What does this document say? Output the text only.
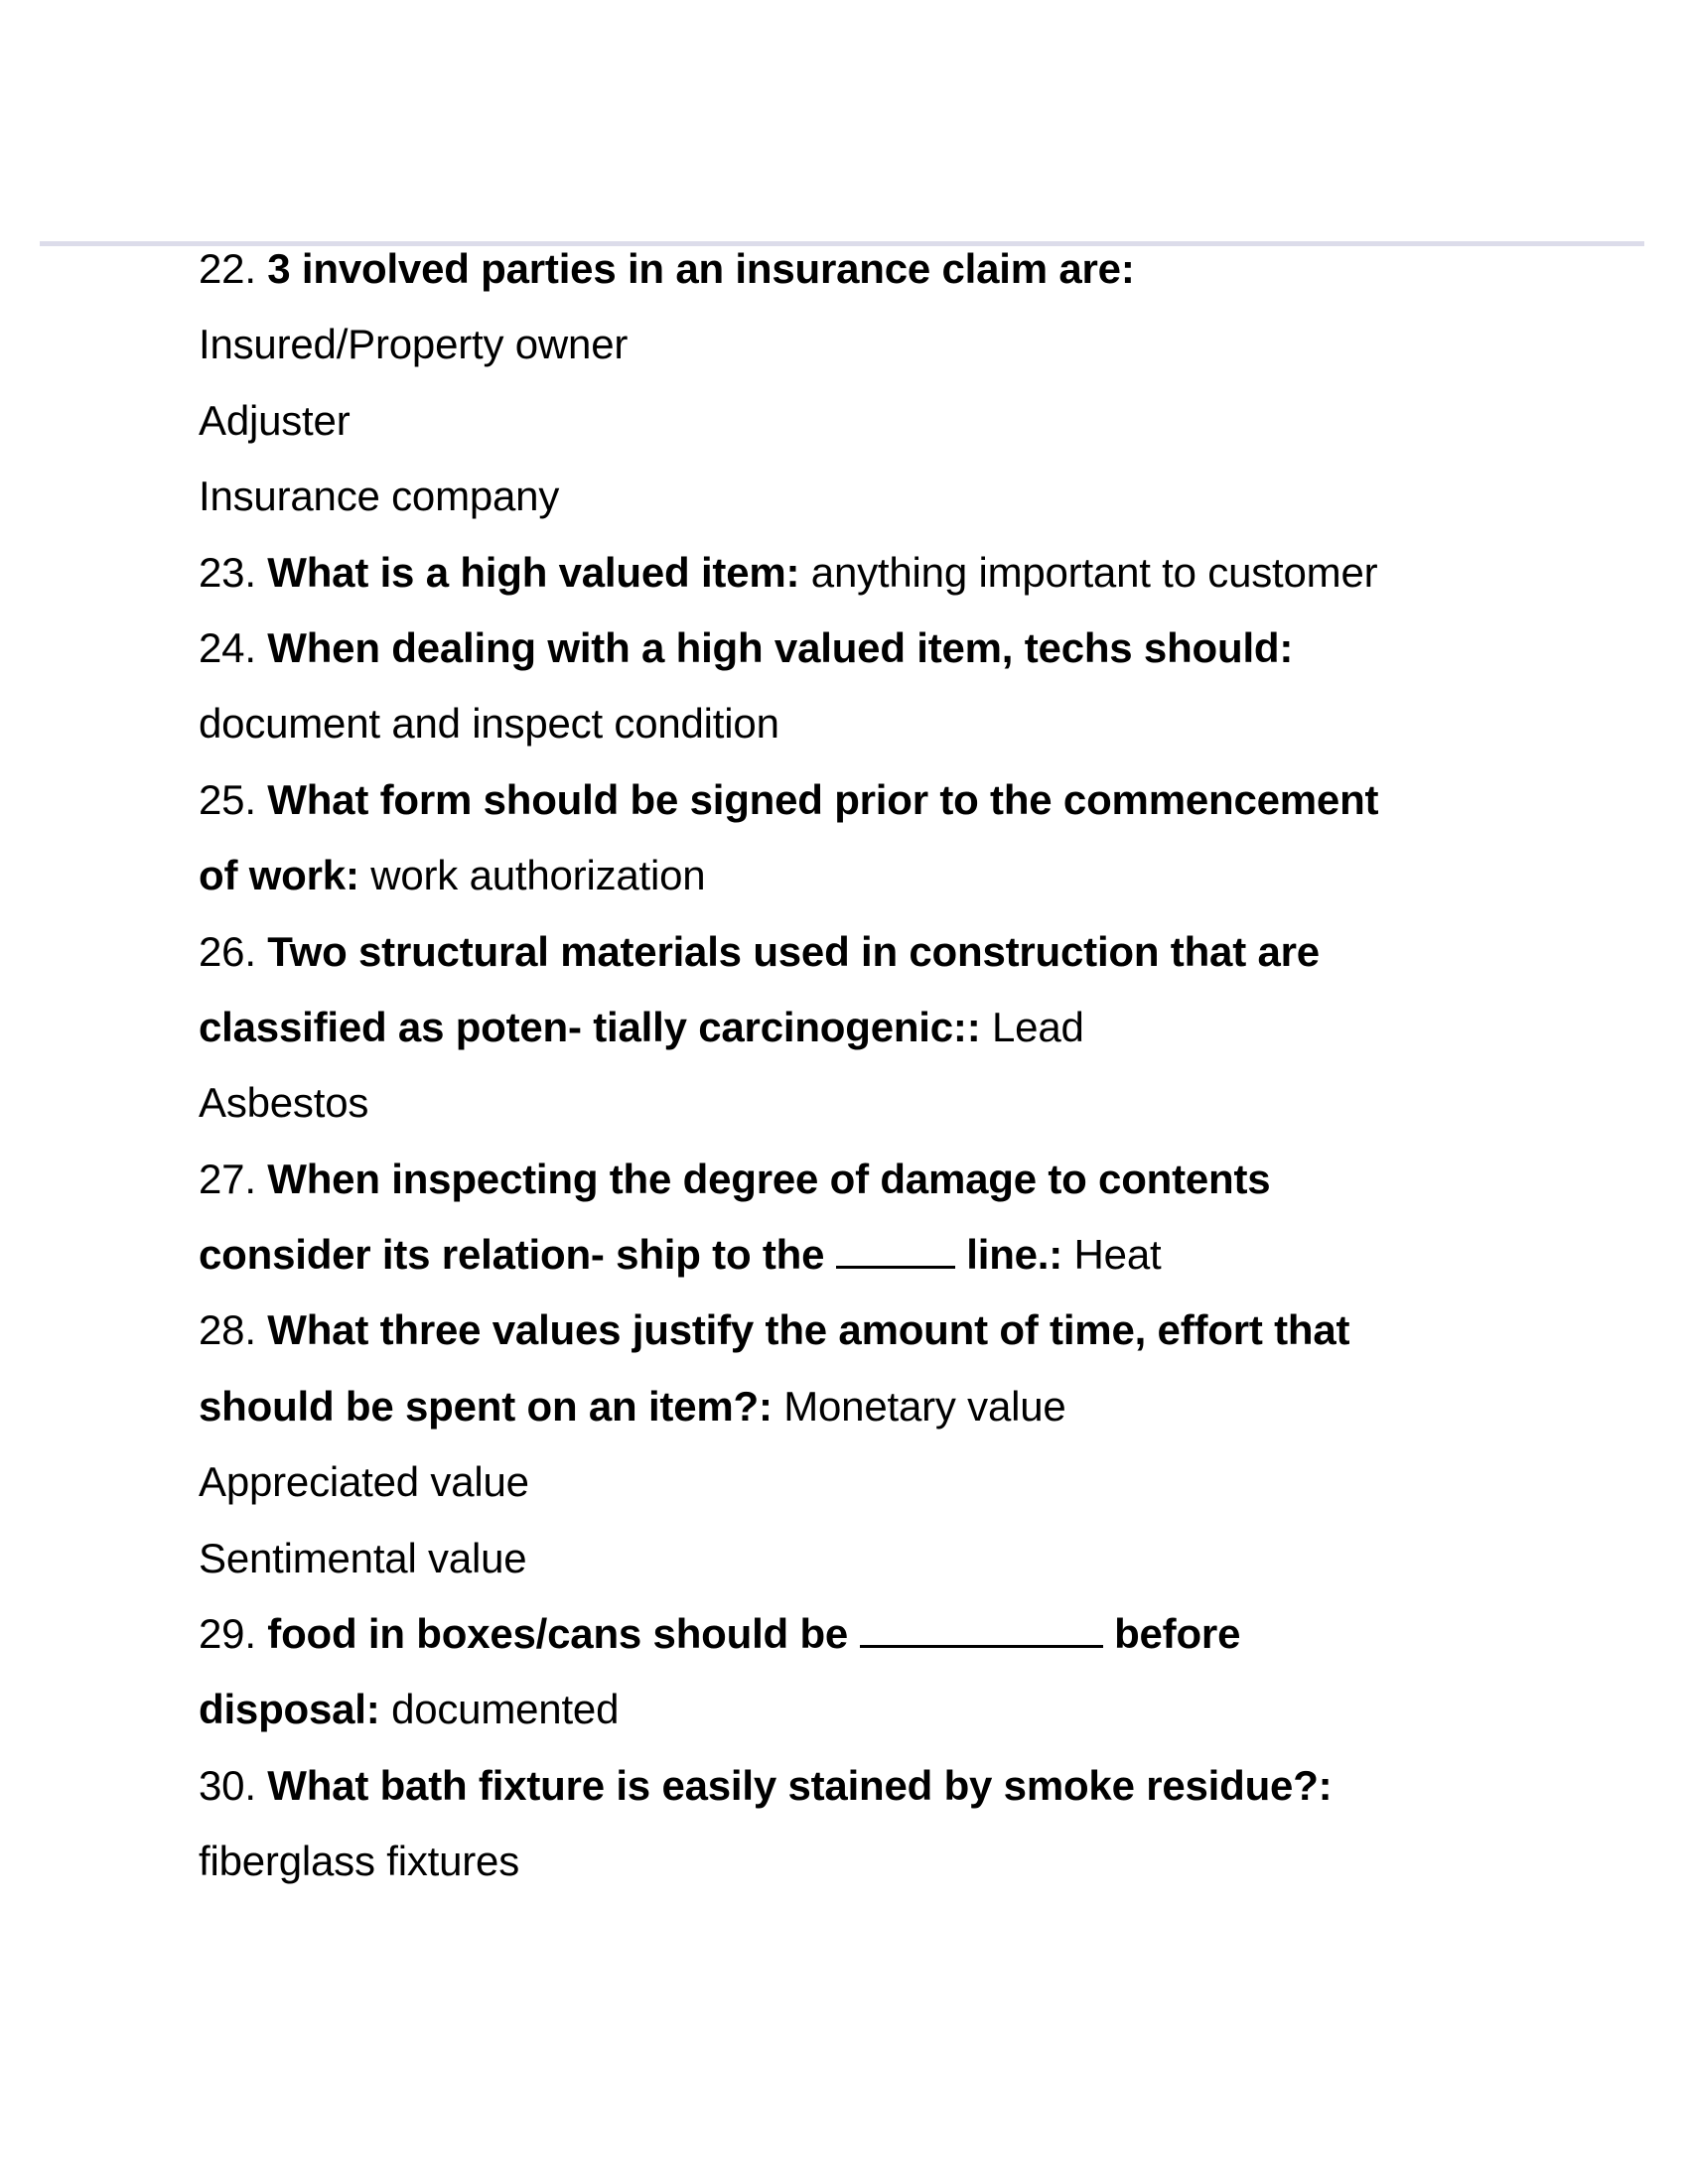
22. 3 involved parties in an insurance claim are:
Insured/Property owner
Adjuster
Insurance company
23. What is a high valued item: anything important to customer
24. When dealing with a high valued item, techs should:
document and inspect condition
25. What form should be signed prior to the commencement
of work: work authorization
26. Two structural materials used in construction that are
classified as poten- tially carcinogenic:: Lead
Asbestos
27. When inspecting the degree of damage to contents
consider its relation- ship to the	line.: Heat
28. What three values justify the amount of time, effort that
should be spent on an item?: Monetary value
Appreciated value
Sentimental value
29. food in boxes/cans should be	before
disposal: documented
30. What bath fixture is easily stained by smoke residue?:
fiberglass fixtures
